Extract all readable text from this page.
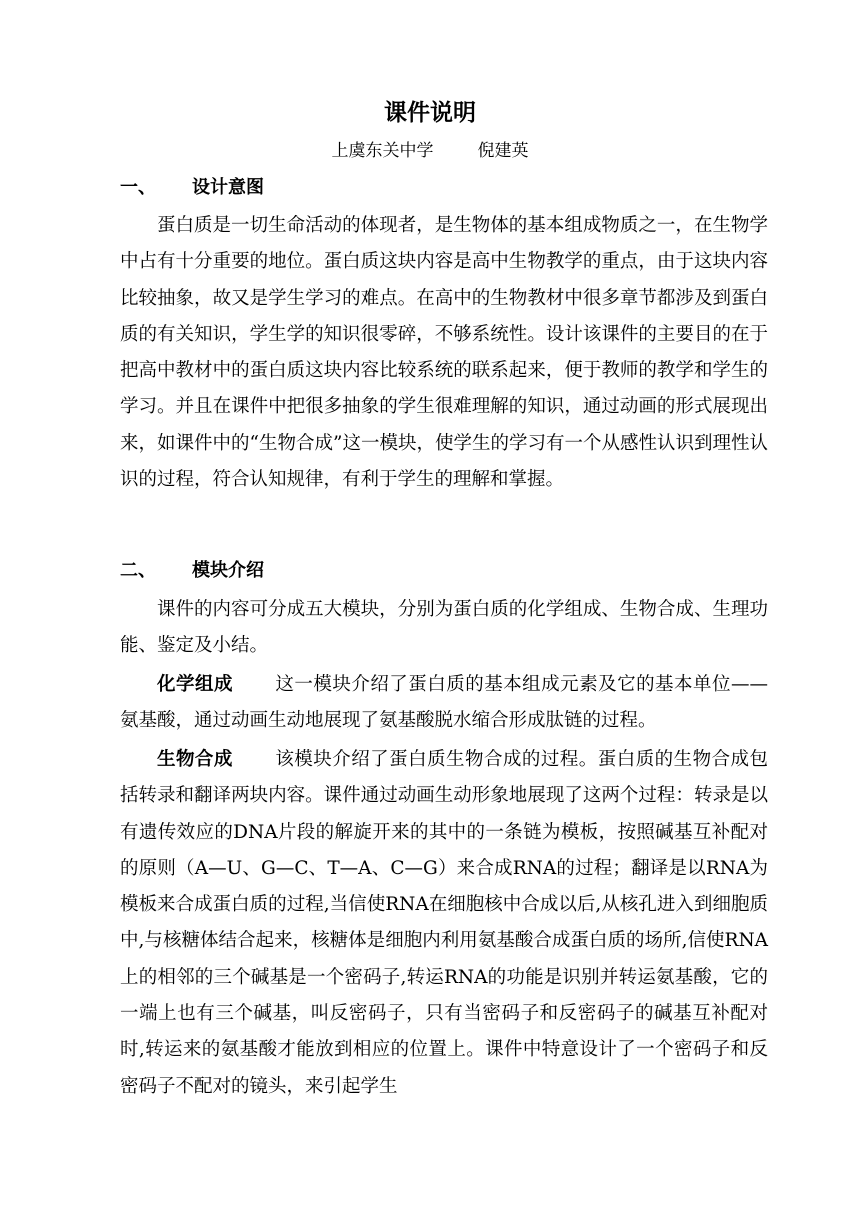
课件说明
上虞东关中学	倪建英
一、 设计意图

蛋白质是一切生命活动的体现者，是生物体的基本组成物质之一，在生物学中占有十分重要的地位。蛋白质这块内容是高中生物教学的重点，由于这块内容比较抽象，故又是学生学习的难点。在高中的生物教材中很多章节都涉及到蛋白质的有关知识，学生学的知识很零碎，不够系统性。设计该课件的主要目的在于把高中教材中的蛋白质这块内容比较系统的联系起来，便于教师的教学和学生的学习。并且在课件中把很多抽象的学生很难理解的知识，通过动画的形式展现出来，如课件中的“生物合成”这一模块，使学生的学习有一个从感性认识到理性认识的过程，符合认知规律，有利于学生的理解和掌握。

二、 模块介绍

课件的内容可分成五大模块，分别为蛋白质的化学组成、生物合成、生理功能、鉴定及小结。

化学组成 这一模块介绍了蛋白质的基本组成元素及它的基本单位——氨基酸，通过动画生动地展现了氨基酸脱水缩合形成肽链的过程。

生物合成 该模块介绍了蛋白质生物合成的过程。蛋白质的生物合成包括转录和翻译两块内容。课件通过动画生动形象地展现了这两个过程：转录是以有遗传效应的DNA片段的解旋开来的其中的一条链为模板，按照碱基互补配对的原则（A—U、G—C、T—A、C—G）来合成RNA的过程；翻译是以RNA为模板来合成蛋白质的过程,当信使RNA在细胞核中合成以后,从核孔进入到细胞质中,与核糖体结合起来，核糖体是细胞内利用氨基酸合成蛋白质的场所,信使RNA上的相邻的三个碱基是一个密码子,转运RNA的功能是识别并转运氨基酸，它的一端上也有三个碱基，叫反密码子，只有当密码子和反密码子的碱基互补配对时,转运来的氨基酸才能放到相应的位置上。课件中特意设计了一个密码子和反密码子不配对的镜头，来引起学生
